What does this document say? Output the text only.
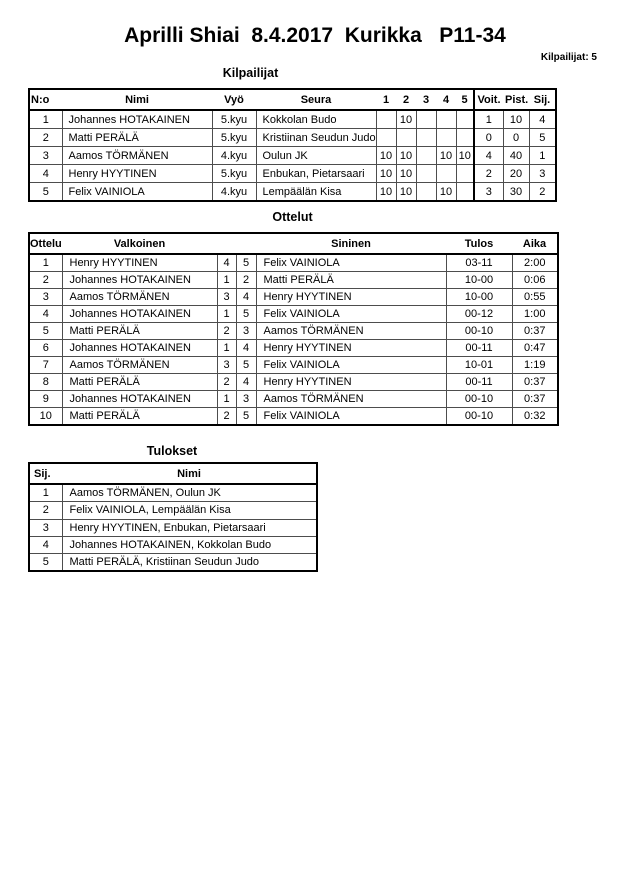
Aprilli Shiai  8.4.2017  Kurikka   P11-34
Kilpailijat: 5
Kilpailijat
N:o	Nimi	Vyö	Seura	1	2	3	4	5	Voit.	Pist.	Sij.
1	Johannes HOTAKAINEN	5.kyu	Kokkolan Budo		10				1	10	4
2	Matti PERÄLÄ	5.kyu	Kristiinan Seudun Judo						0	0	5
3	Aamos TÖRMÄNEN	4.kyu	Oulun JK	10	10		10	10	4	40	1
4	Henry HYYTINEN	5.kyu	Enbukan, Pietarsaari	10	10				2	20	3
5	Felix VAINIOLA	4.kyu	Lempäälän Kisa	10	10		10		3	30	2
Ottelut
Ottelu	Valkoinen			Sininen	Tulos	Aika
1	Henry HYYTINEN	4	5	Felix VAINIOLA	03-11	2:00
2	Johannes HOTAKAINEN	1	2	Matti PERÄLÄ	10-00	0:06
3	Aamos TÖRMÄNEN	3	4	Henry HYYTINEN	10-00	0:55
4	Johannes HOTAKAINEN	1	5	Felix VAINIOLA	00-12	1:00
5	Matti PERÄLÄ	2	3	Aamos TÖRMÄNEN	00-10	0:37
6	Johannes HOTAKAINEN	1	4	Henry HYYTINEN	00-11	0:47
7	Aamos TÖRMÄNEN	3	5	Felix VAINIOLA	10-01	1:19
8	Matti PERÄLÄ	2	4	Henry HYYTINEN	00-11	0:37
9	Johannes HOTAKAINEN	1	3	Aamos TÖRMÄNEN	00-10	0:37
10	Matti PERÄLÄ	2	5	Felix VAINIOLA	00-10	0:32
Tulokset
Sij.	Nimi
1	Aamos TÖRMÄNEN, Oulun JK
2	Felix VAINIOLA, Lempäälän Kisa
3	Henry HYYTINEN, Enbukan, Pietarsaari
4	Johannes HOTAKAINEN, Kokkolan Budo
5	Matti PERÄLÄ, Kristiinan Seudun Judo
